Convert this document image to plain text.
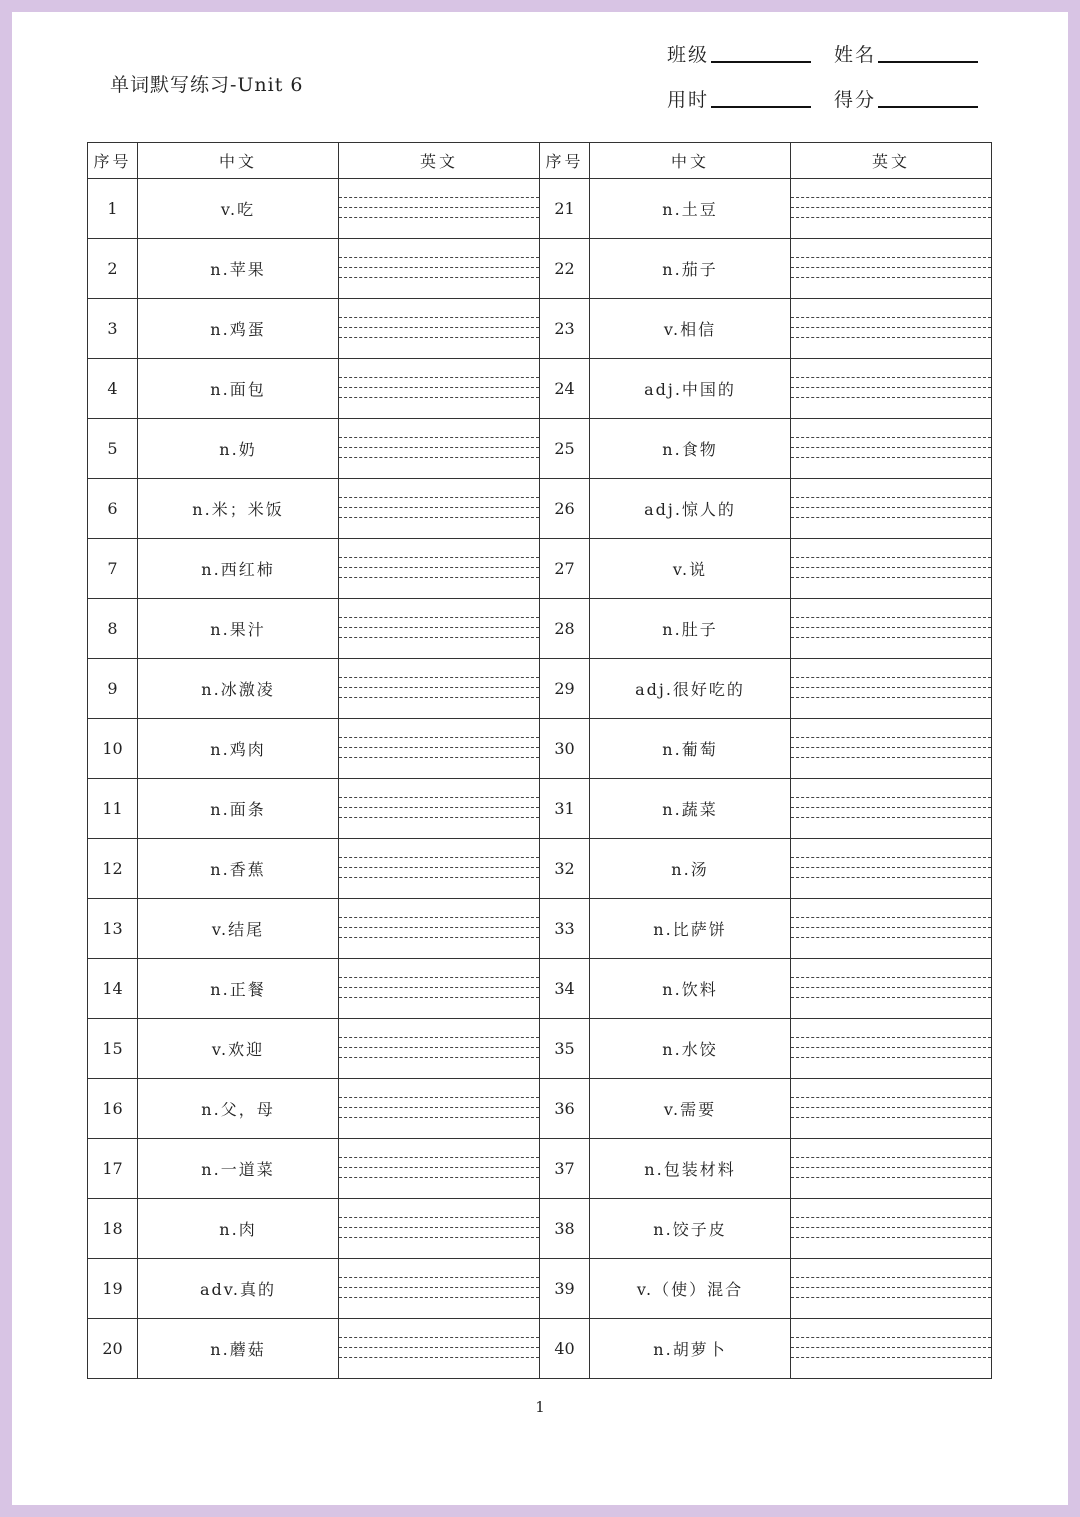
单词默写练习-Unit 6
班级	姓名
用时	得分
序号	中文	英文	序号	中文	英文
1	v.吃		21	n.土豆	

2	n.苹果		22	n.茄子	

3	n.鸡蛋		23	v.相信	

4	n.面包		24	adj.中国的	

5	n.奶		25	n.食物	

6	n.米；米饭		26	adj.惊人的	

7	n.西红柿		27	v.说	

8	n.果汁		28	n.肚子	

9	n.冰激凌		29	adj.很好吃的	

10	n.鸡肉		30	n.葡萄	

11	n.面条		31	n.蔬菜	

12	n.香蕉		32	n.汤	

13	v.结尾		33	n.比萨饼	

14	n.正餐		34	n.饮料	

15	v.欢迎		35	n.水饺	

16	n.父，母		36	v.需要	

17	n.一道菜		37	n.包装材料	

18	n.肉		38	n.饺子皮	

19	adv.真的		39	v.（使）混合	

20	n.蘑菇		40	n.胡萝卜	
1
